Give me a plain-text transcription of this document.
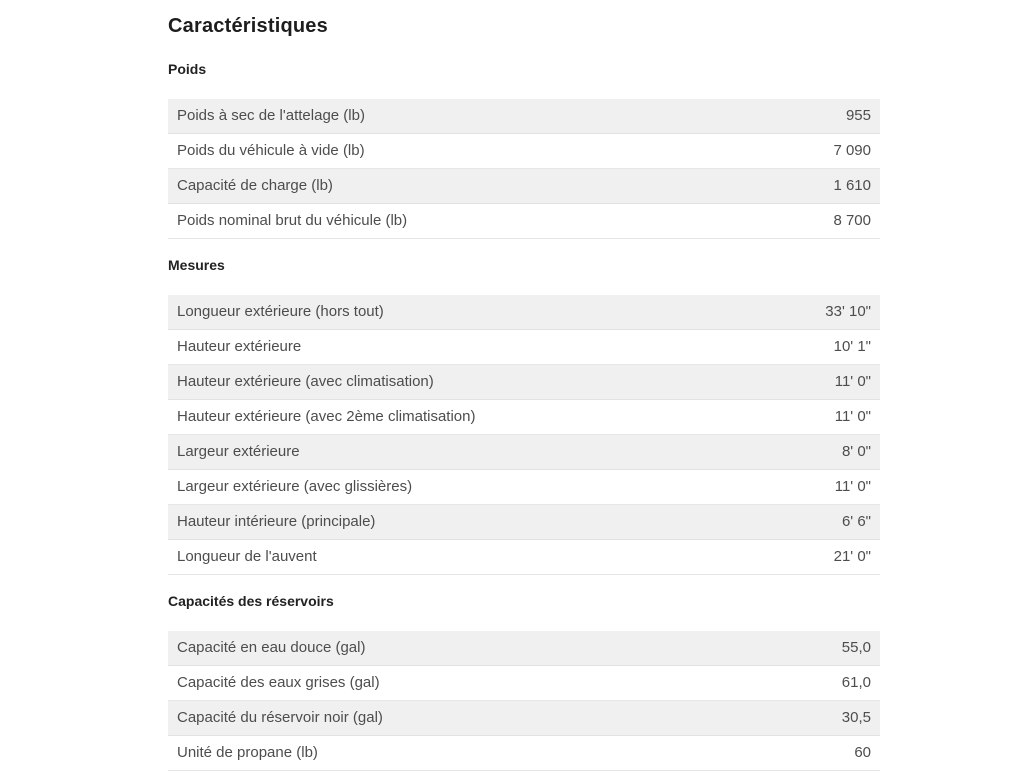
Caractéristiques
Poids
Poids à sec de l'attelage (lb)	955
Poids du véhicule à vide (lb)	7 090
Capacité de charge (lb)	1 610
Poids nominal brut du véhicule (lb)	8 700
Mesures
Longueur extérieure (hors tout)	33' 10"
Hauteur extérieure	10' 1"
Hauteur extérieure (avec climatisation)	11' 0"
Hauteur extérieure (avec 2ème climatisation)	11' 0"
Largeur extérieure	8' 0"
Largeur extérieure (avec glissières)	11' 0"
Hauteur intérieure (principale)	6' 6"
Longueur de l'auvent	21' 0"
Capacités des réservoirs
Capacité en eau douce (gal)	55,0
Capacité des eaux grises (gal)	61,0
Capacité du réservoir noir (gal)	30,5
Unité de propane (lb)	60
